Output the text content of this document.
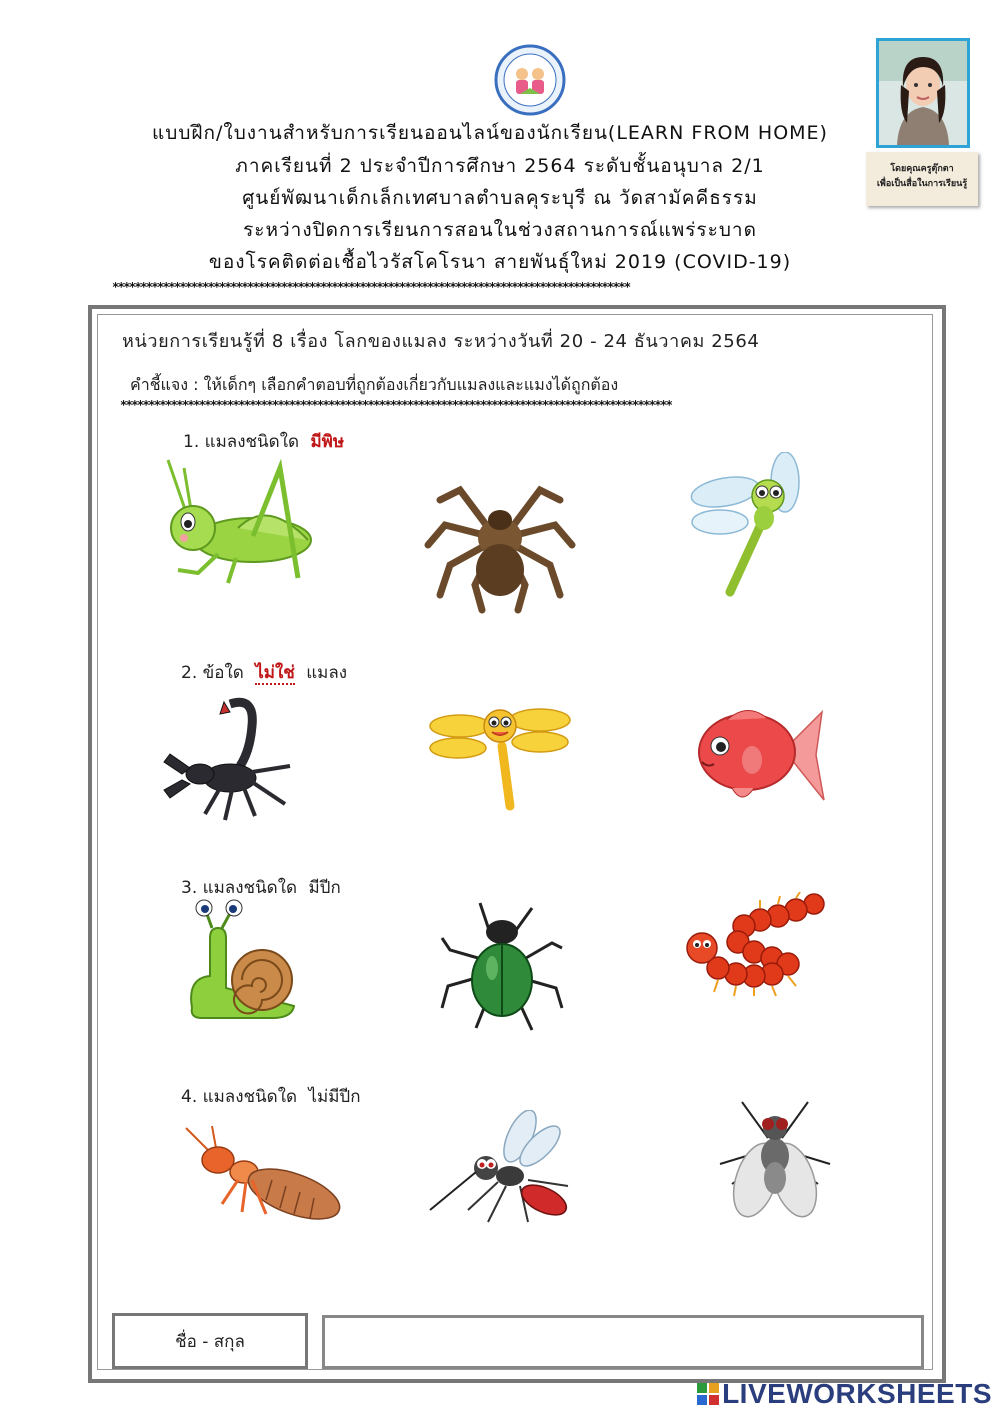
โดยคุณครูตุ๊กตา
เพื่อเป็นสื่อในการเรียนรู้
แบบฝึก/ใบงานสำหรับการเรียนออนไลน์ของนักเรียน(LEARN FROM HOME)
ภาคเรียนที่ 2 ประจำปีการศึกษา 2564 ระดับชั้นอนุบาล 2/1
ศูนย์พัฒนาเด็กเล็กเทศบาลตำบลคุระบุรี ณ วัดสามัคคีธรรม
ระหว่างปิดการเรียนการสอนในช่วงสถานการณ์แพร่ระบาด
ของโรคติดต่อเชื้อไวรัสโคโรนา สายพันธุ์ใหม่ 2019 (COVID-19)
********************************************************************************************
หน่วยการเรียนรู้ที่ 8 เรื่อง โลกของแมลง ระหว่างวันที่ 20 - 24 ธันวาคม 2564
คำชี้แจง : ให้เด็กๆ เลือกคำตอบที่ถูกต้องเกี่ยวกับแมลงและแมงได้ถูกต้อง
**************************************************************************************************
1. แมลงชนิดใด มีพิษ
2. ข้อใด ไม่ใช่ แมลง
3. แมลงชนิดใด มีปีก
4. แมลงชนิดใด ไม่มีปีก
ชื่อ - สกุล
LIVEWORKSHEETS
